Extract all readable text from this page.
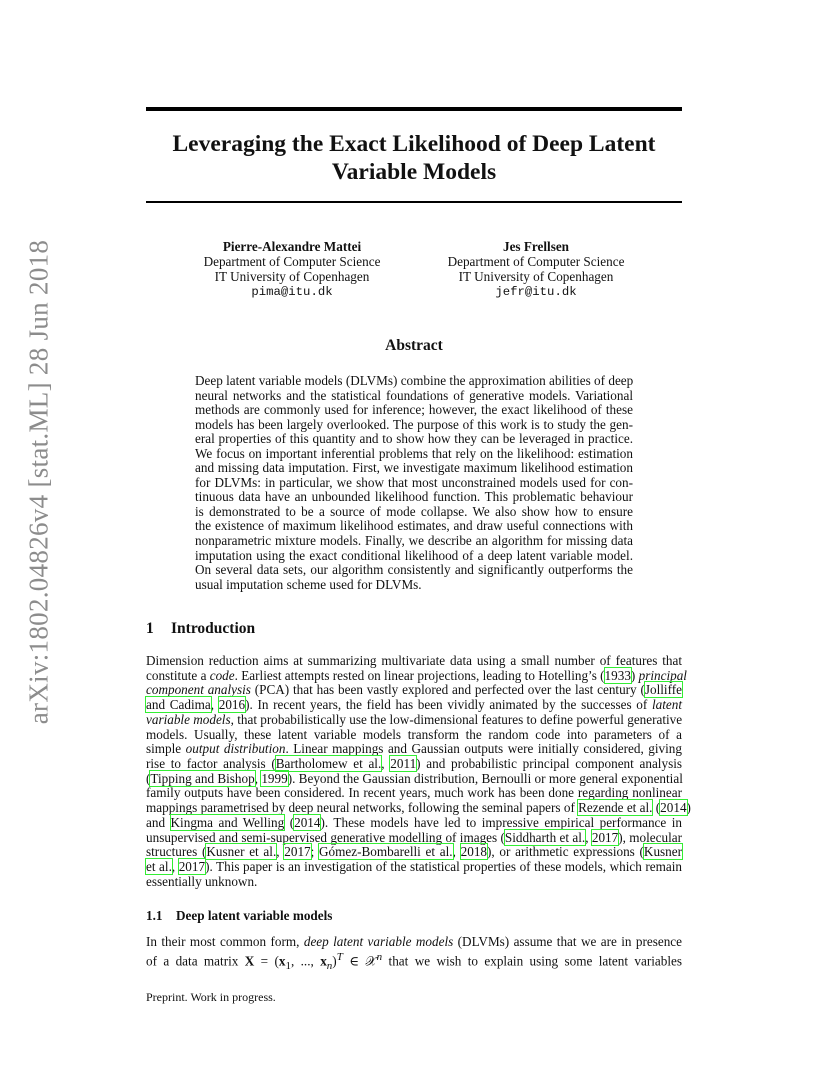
arXiv:1802.04826v4 [stat.ML] 28 Jun 2018
Leveraging the Exact Likelihood of Deep Latent
Variable Models
Pierre-Alexandre Mattei
Department of Computer Science
IT University of Copenhagen
pima@itu.dk
Jes Frellsen
Department of Computer Science
IT University of Copenhagen
jefr@itu.dk
Abstract
Deep latent variable models (DLVMs) combine the approximation abilities of deep
neural networks and the statistical foundations of generative models. Variational
methods are commonly used for inference; however, the exact likelihood of these
models has been largely overlooked. The purpose of this work is to study the gen-
eral properties of this quantity and to show how they can be leveraged in practice.
We focus on important inferential problems that rely on the likelihood: estimation
and missing data imputation. First, we investigate maximum likelihood estimation
for DLVMs: in particular, we show that most unconstrained models used for con-
tinuous data have an unbounded likelihood function. This problematic behaviour
is demonstrated to be a source of mode collapse. We also show how to ensure
the existence of maximum likelihood estimates, and draw useful connections with
nonparametric mixture models. Finally, we describe an algorithm for missing data
imputation using the exact conditional likelihood of a deep latent variable model.
On several data sets, our algorithm consistently and significantly outperforms the
usual imputation scheme used for DLVMs.
1 Introduction
Dimension reduction aims at summarizing multivariate data using a small number of features that
constitute a code. Earliest attempts rested on linear projections, leading to Hotelling’s (1933) principal
component analysis (PCA) that has been vastly explored and perfected over the last century (Jolliffe
and Cadima, 2016). In recent years, the field has been vividly animated by the successes of latent
variable models, that probabilistically use the low-dimensional features to define powerful generative
models. Usually, these latent variable models transform the random code into parameters of a
simple output distribution. Linear mappings and Gaussian outputs were initially considered, giving
rise to factor analysis (Bartholomew et al., 2011) and probabilistic principal component analysis
(Tipping and Bishop, 1999). Beyond the Gaussian distribution, Bernoulli or more general exponential
family outputs have been considered. In recent years, much work has been done regarding nonlinear
mappings parametrised by deep neural networks, following the seminal papers of Rezende et al. (2014)
and Kingma and Welling (2014). These models have led to impressive empirical performance in
unsupervised and semi-supervised generative modelling of images (Siddharth et al., 2017), molecular
structures (Kusner et al., 2017; Gómez-Bombarelli et al., 2018), or arithmetic expressions (Kusner
et al., 2017). This paper is an investigation of the statistical properties of these models, which remain
essentially unknown.
1.1 Deep latent variable models
In their most common form, deep latent variable models (DLVMs) assume that we are in presence
of a data matrix $X = (x_1$, ..., $x_n)^T$ ∈ 𝒳$^n$ that we wish to explain using some latent variables
Preprint. Work in progress.
